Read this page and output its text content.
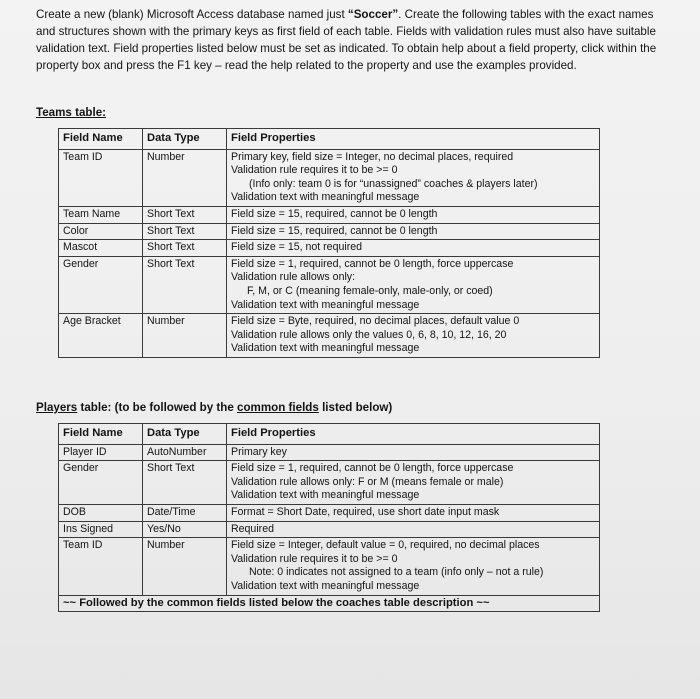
Create a new (blank) Microsoft Access database named just “Soccer”. Create the following tables with the exact names and structures shown with the primary keys as first field of each table. Fields with validation rules must also have suitable validation text. Field properties listed below must be set as indicated. To obtain help about a field property, click within the property box and press the F1 key – read the help related to the property and use the examples provided.

Teams table:

Field Name	Data Type	Field Properties
Team ID	Number	Primary key, field size = Integer, no decimal places, required
Validation rule requires it to be >= 0
(Info only: team 0 is for “unassigned” coaches & players later)
Validation text with meaningful message

Team Name	Short Text	Field size = 15, required, cannot be 0 length

Color	Short Text	Field size = 15, required, cannot be 0 length

Mascot	Short Text	Field size = 15, not required

Gender	Short Text	Field size = 1, required, cannot be 0 length, force uppercase
Validation rule allows only:
F, M, or C (meaning female-only, male-only, or coed)
Validation text with meaningful message

Age Bracket	Number	Field size = Byte, required, no decimal places, default value 0
Validation rule allows only the values 0, 6, 8, 10, 12, 16, 20
Validation text with meaningful message

Players table: (to be followed by the common fields listed below)

Field Name	Data Type	Field Properties
Player ID	AutoNumber	Primary key

Gender	Short Text	Field size = 1, required, cannot be 0 length, force uppercase
Validation rule allows only: F or M (means female or male)
Validation text with meaningful message

DOB	Date/Time	Format = Short Date, required, use short date input mask

Ins Signed	Yes/No	Required

Team ID	Number	Field size = Integer, default value = 0, required, no decimal places
Validation rule requires it to be >= 0
Note: 0 indicates not assigned to a team (info only – not a rule)
Validation text with meaningful message

~~ Followed by the common fields listed below the coaches table description ~~		
